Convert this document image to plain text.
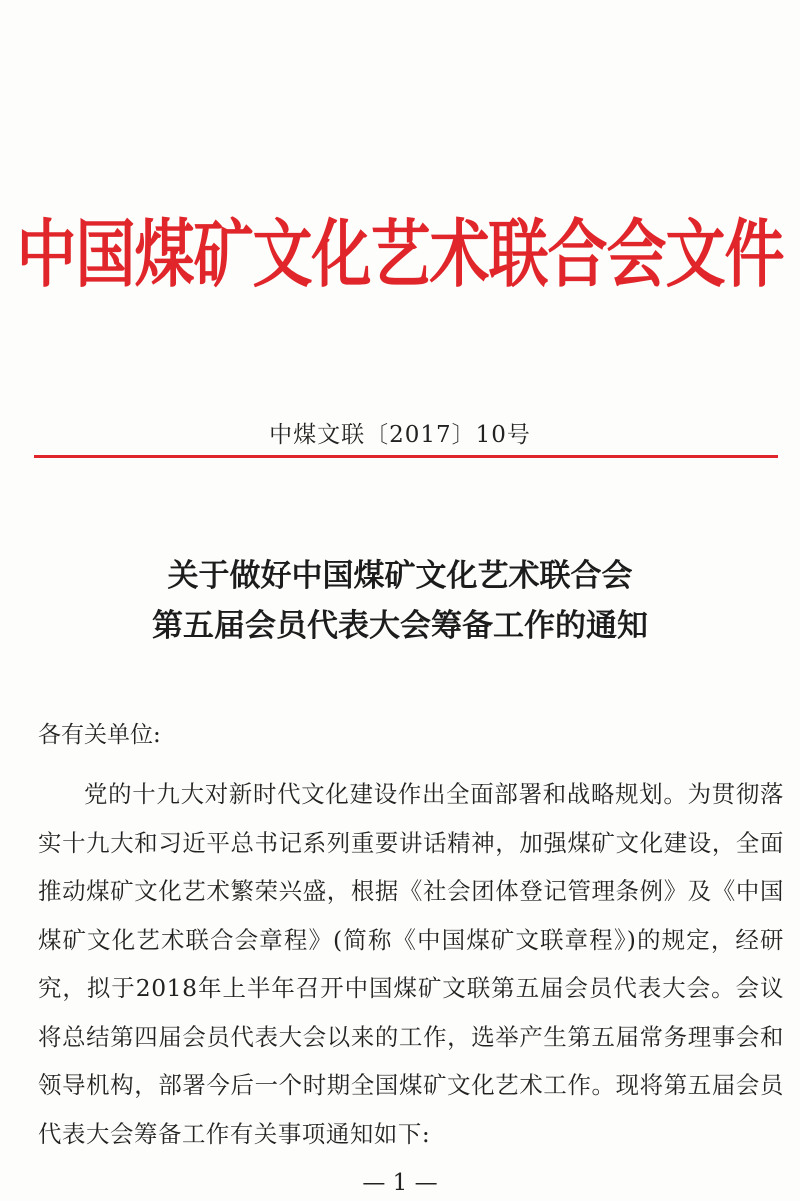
中国煤矿文化艺术联合会文件
中煤文联〔2017〕10号
关于做好中国煤矿文化艺术联合会
第五届会员代表大会筹备工作的通知
各有关单位:
党的十九大对新时代文化建设作出全面部署和战略规划。为贯彻落实十九大和习近平总书记系列重要讲话精神，加强煤矿文化建设，全面推动煤矿文化艺术繁荣兴盛，根据《社会团体登记管理条例》及《中国煤矿文化艺术联合会章程》(简称《中国煤矿文联章程》)的规定，经研究，拟于2018年上半年召开中国煤矿文联第五届会员代表大会。会议将总结第四届会员代表大会以来的工作，选举产生第五届常务理事会和领导机构，部署今后一个时期全国煤矿文化艺术工作。现将第五届会员代表大会筹备工作有关事项通知如下:
— 1 —
